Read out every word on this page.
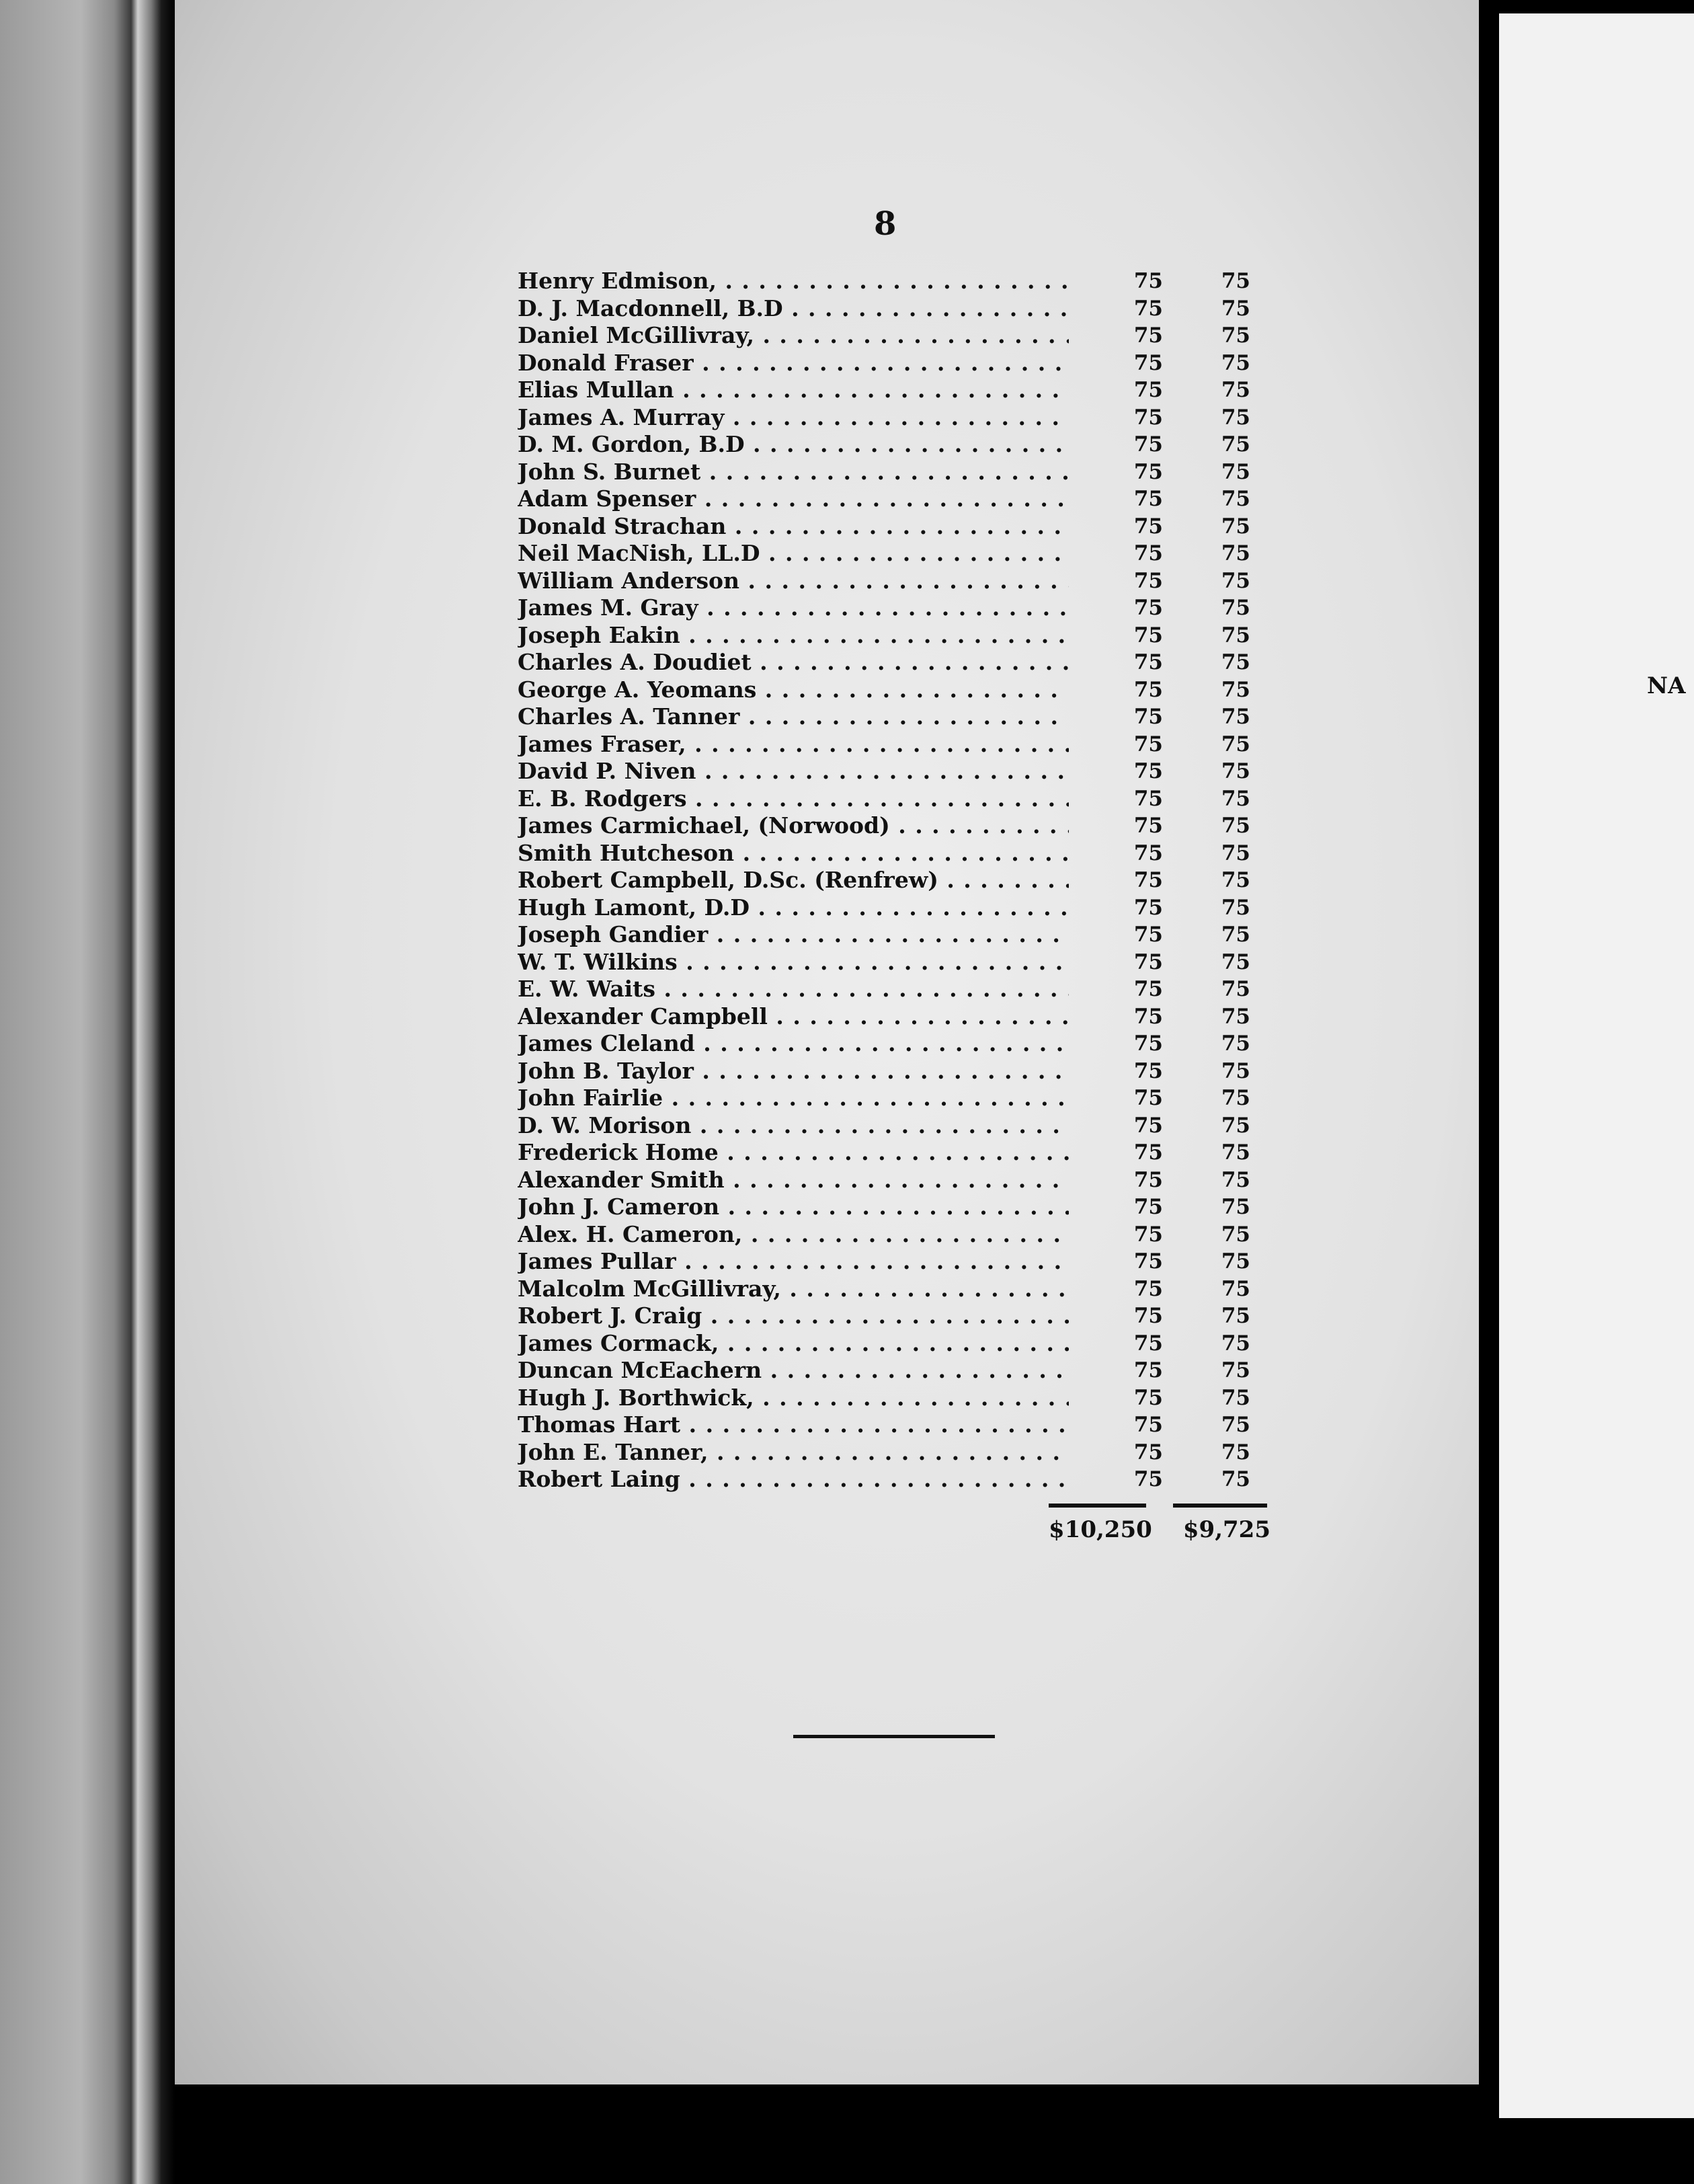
8
Henry Edmison, . . .	75	75
D. J. Macdonnell, B.D . . .	75	75
Daniel McGillivray, . . .	75	75
Donald Fraser . . .	75	75
Elias Mullan . . .	75	75
James A. Murray . . .	75	75
D. M. Gordon, B.D . . .	75	75
John S. Burnet . . .	75	75
Adam Spenser . . .	75	75
Donald Strachan . . .	75	75
Neil MacNish, LL.D . . .	75	75
William Anderson . . .	75	75
James M. Gray . . .	75	75
Joseph Eakin . . .	75	75
Charles A. Doudiet . . .	75	75
George A. Yeomans . . .	75	75
Charles A. Tanner . . .	75	75
James Fraser, . . .	75	75
David P. Niven . . .	75	75
E. B. Rodgers . . .	75	75
James Carmichael, (Norwood) . . .	75	75
Smith Hutcheson . . .	75	75
Robert Campbell, D.Sc. (Renfrew) . . .	75	75
Hugh Lamont, D.D . . .	75	75
Joseph Gandier . . .	75	75
W. T. Wilkins . . .	75	75
E. W. Waits . . .	75	75
Alexander Campbell . . .	75	75
James Cleland . . .	75	75
John B. Taylor . . .	75	75
John Fairlie . . .	75	75
D. W. Morison . . .	75	75
Frederick Home . . .	75	75
Alexander Smith . . .	75	75
John J. Cameron . . .	75	75
Alex. H. Cameron, . . .	75	75
James Pullar . . .	75	75
Malcolm McGillivray, . . .	75	75
Robert J. Craig . . .	75	75
James Cormack, . . .	75	75
Duncan McEachern . . .	75	75
Hugh J. Borthwick, . . .	75	75
Thomas Hart . . .	75	75
John E. Tanner, . . .	75	75
Robert Laing . . .	75	75
$10,250	$9,725
NA
